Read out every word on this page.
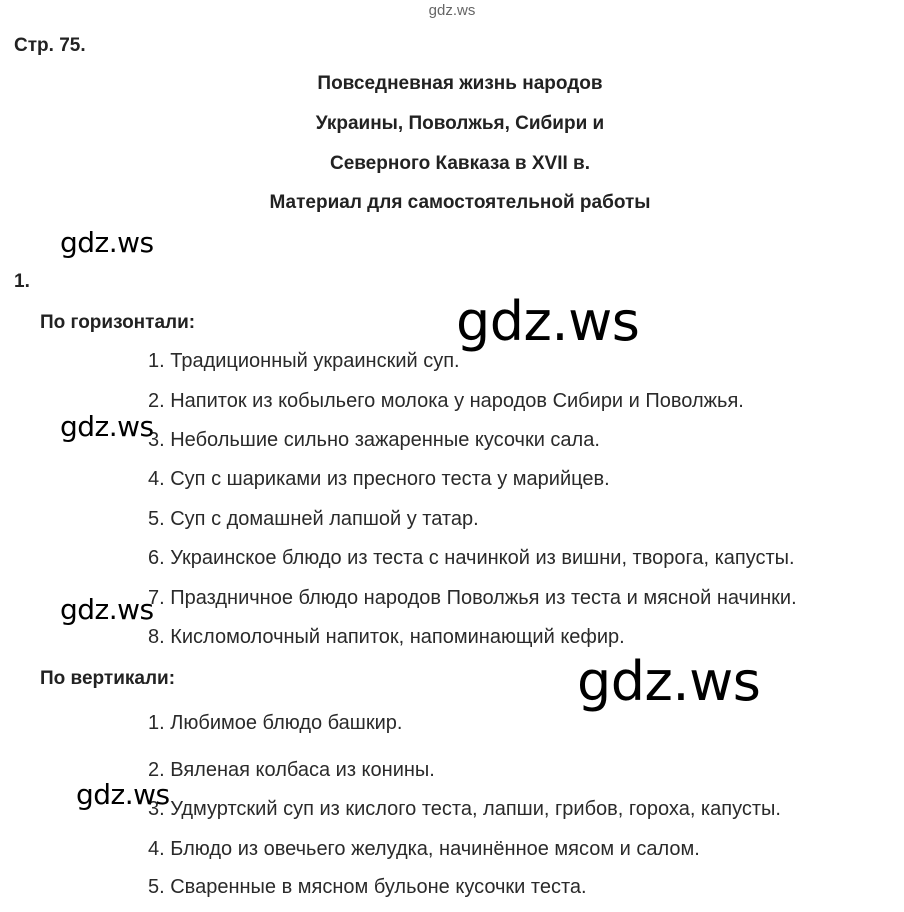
gdz.ws
Стр. 75.
Повседневная жизнь народов
Украины, Поволжья, Сибири и
Северного Кавказа в XVII в.
Материал для самостоятельной работы
1.
По горизонтали:
1. Традиционный украинский суп.
2. Напиток из кобыльего молока у народов Сибири и Поволжья.
3. Небольшие сильно зажаренные кусочки сала.
4. Суп с шариками из пресного теста у марийцев.
5. Суп с домашней лапшой у татар.
6. Украинское блюдо из теста с начинкой из вишни, творога, капусты.
7. Праздничное блюдо народов Поволжья из теста и мясной начинки.
8. Кисломолочный напиток, напоминающий кефир.
По вертикали:
1. Любимое блюдо башкир.
2. Вяленая колбаса из конины.
3. Удмуртский суп из кислого теста, лапши, грибов, гороха, капусты.
4. Блюдо из овечьего желудка, начинённое мясом и салом.
5. Сваренные в мясном бульоне кусочки теста.
gdz.ws
gdz.ws
gdz.ws
gdz.ws
gdz.ws
gdz.ws
